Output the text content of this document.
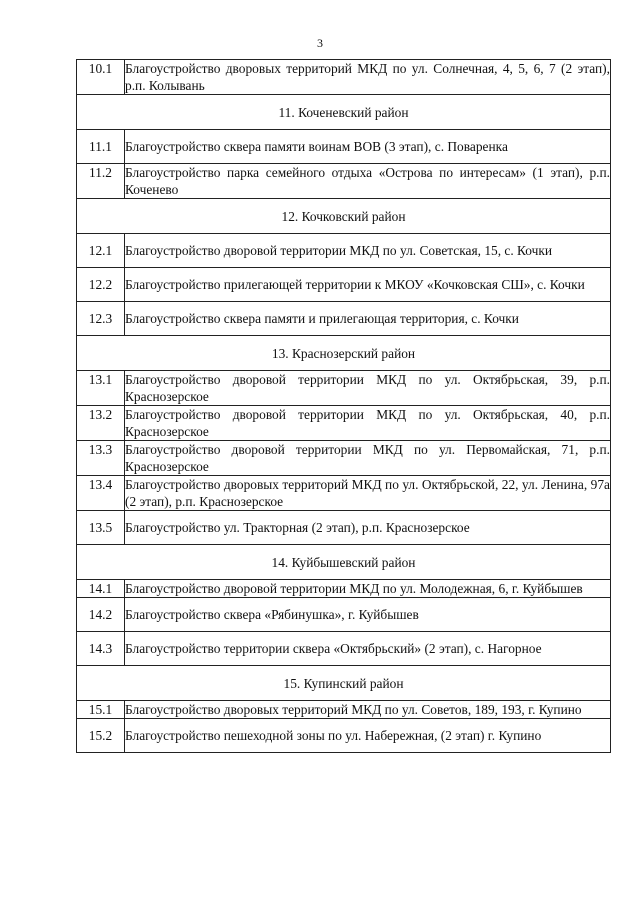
3
10.1	Благоустройство дворовых территорий МКД по ул. Солнечная, 4, 5, 6, 7 (2 этап), р.п. Колывань
11. Коченевский район	
11.1	Благоустройство сквера памяти воинам ВОВ (3 этап), с. Поваренка
11.2	Благоустройство парка семейного отдыха «Острова по интересам» (1 этап), р.п. Коченево
12. Кочковский район	
12.1	Благоустройство дворовой территории МКД по ул. Советская, 15, с. Кочки
12.2	Благоустройство прилегающей территории к МКОУ «Кочковская СШ», с. Кочки
12.3	Благоустройство сквера памяти и прилегающая территория, с. Кочки
13. Краснозерский район	
13.1	Благоустройство дворовой территории МКД по ул. Октябрьская, 39, р.п. Краснозерское
13.2	Благоустройство дворовой территории МКД по ул. Октябрьская, 40, р.п. Краснозерское
13.3	Благоустройство дворовой территории МКД по ул. Первомайская, 71, р.п. Краснозерское
13.4	Благоустройство дворовых территорий МКД по ул. Октябрьской, 22, ул. Ленина, 97а (2 этап), р.п. Краснозерское
13.5	Благоустройство ул. Тракторная (2 этап), р.п. Краснозерское
14. Куйбышевский район	
14.1	Благоустройство дворовой территории МКД по ул. Молодежная, 6, г. Куйбышев
14.2	Благоустройство сквера «Рябинушка», г. Куйбышев
14.3	Благоустройство территории сквера «Октябрьский» (2 этап), с. Нагорное
15. Купинский район	
15.1	Благоустройство дворовых территорий МКД по ул. Советов, 189, 193, г. Купино
15.2	Благоустройство пешеходной зоны по ул. Набережная, (2 этап) г. Купино
